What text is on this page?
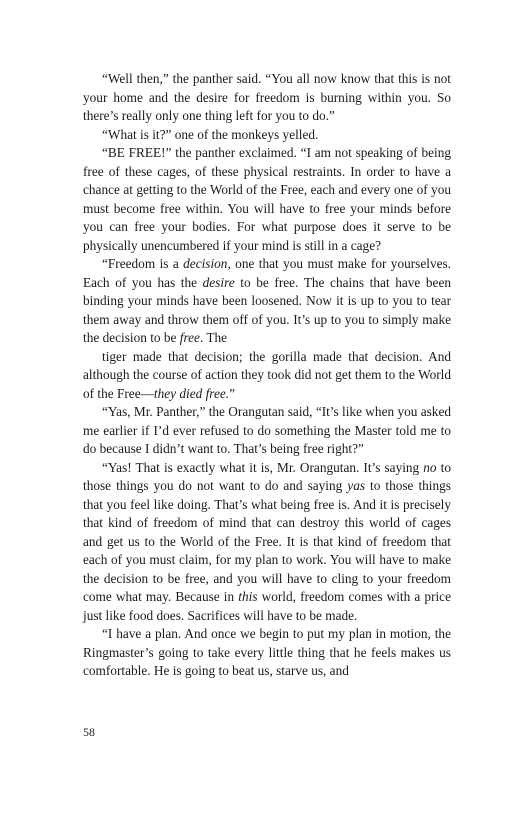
“Well then,” the panther said. “You all now know that this is not your home and the desire for freedom is burning within you. So there’s really only one thing left for you to do.”

“What is it?” one of the monkeys yelled.

“BE FREE!” the panther exclaimed. “I am not speaking of being free of these cages, of these physical restraints. In order to have a chance at getting to the World of the Free, each and every one of you must become free within. You will have to free your minds before you can free your bodies. For what purpose does it serve to be physically unencumbered if your mind is still in a cage?

“Freedom is a decision, one that you must make for yourselves. Each of you has the desire to be free. The chains that have been binding your minds have been loosened. Now it is up to you to tear them away and throw them off of you. It’s up to you to simply make the decision to be free. The

tiger made that decision; the gorilla made that decision. And although the course of action they took did not get them to the World of the Free—they died free.”

“Yas, Mr. Panther,” the Orangutan said, “It’s like when you asked me earlier if I’d ever refused to do something the Master told me to do because I didn’t want to. That’s being free right?”

“Yas! That is exactly what it is, Mr. Orangutan. It’s saying no to those things you do not want to do and saying yas to those things that you feel like doing. That’s what being free is. And it is precisely that kind of freedom of mind that can destroy this world of cages and get us to the World of the Free. It is that kind of freedom that each of you must claim, for my plan to work. You will have to make the decision to be free, and you will have to cling to your freedom come what may. Because in this world, freedom comes with a price just like food does. Sacrifices will have to be made.

“I have a plan. And once we begin to put my plan in motion, the Ringmaster’s going to take every little thing that he feels makes us comfortable. He is going to beat us, starve us, and

58
